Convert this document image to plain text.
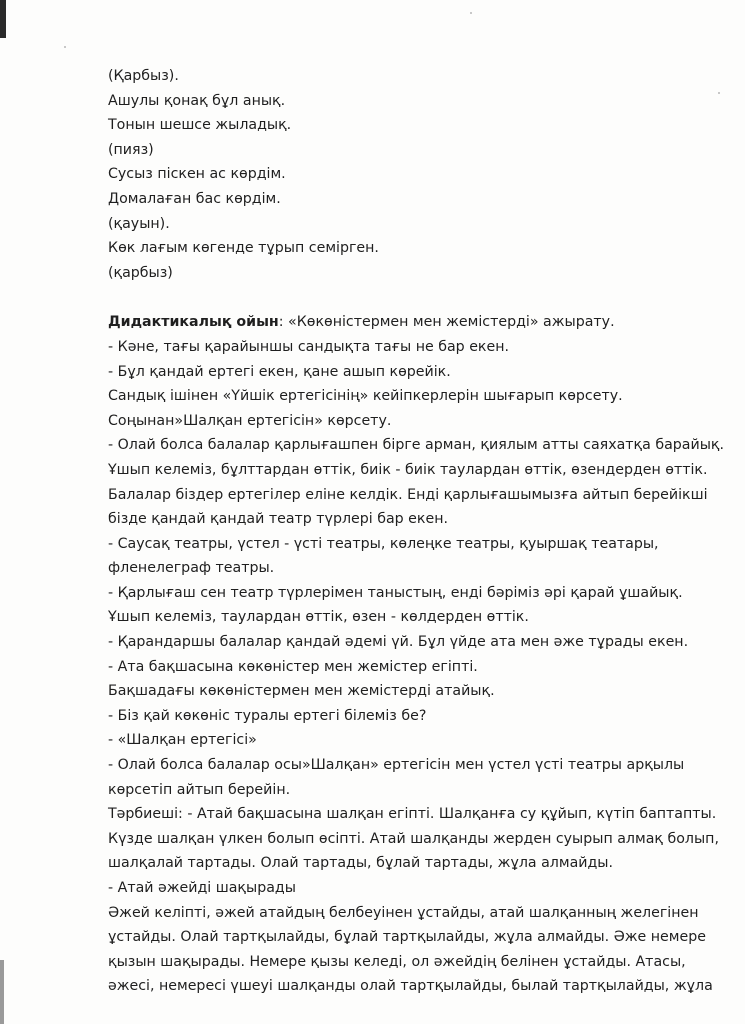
(Қарбыз).
Ашулы қонақ бұл анық.
Тонын шешсе жыладық.
(пияз)
Сусыз піскен ас көрдім.
Домалаған бас көрдім.
(қауын).
Көк лағым көгенде тұрып семірген.
(қарбыз)
Дидактикалық ойын: «Көкөністермен мен жемістерді» ажырату.
- Кәне, тағы қарайыншы сандықта тағы не бар екен.
- Бұл қандай ертегі екен, қане ашып көрейік.
Сандық ішінен «Үйшік ертегісінің» кейіпкерлерін шығарып көрсету.
Соңынан»Шалқан ертегісін» көрсету.
- Олай болса балалар қарлығашпен бірге арман, қиялым атты саяхатқа барайық.
Ұшып келеміз, бұлттардан өттік, биік - биік таулардан өттік, өзендерден өттік.
Балалар біздер ертегілер еліне келдік. Енді қарлығашымызға айтып берейікші
бізде қандай қандай театр түрлері бар екен.
- Саусақ театры, үстел - үсті театры, көлеңке театры, қуыршақ театары,
фленелеграф театры.
- Қарлығаш сен театр түрлерімен таныстың, енді бәріміз әрі қарай ұшайық.
Ұшып келеміз, таулардан өттік, өзен - көлдерден өттік.
- Қарандаршы балалар қандай әдемі үй. Бұл үйде ата мен әже тұрады екен.
- Ата бақшасына көкөністер мен жемістер егіпті.
Бақшадағы көкөністермен мен жемістерді атайық.
- Біз қай көкөніс туралы ертегі білеміз бе?
- «Шалқан ертегісі»
- Олай болса балалар осы»Шалқан» ертегісін мен үстел үсті театры арқылы
көрсетіп айтып берейін.
Тәрбиеші: - Атай бақшасына шалқан егіпті. Шалқанға су құйып, күтіп баптапты.
Күзде шалқан үлкен болып өсіпті. Атай шалқанды жерден суырып алмақ болып,
шалқалай тартады. Олай тартады, бұлай тартады, жұла алмайды.
- Атай әжейді шақырады
Әжей келіпті, әжей атайдың белбеуінен ұстайды, атай шалқанның желегінен
ұстайды. Олай тартқылайды, бұлай тартқылайды, жұла алмайды. Әже немере
қызын шақырады. Немере қызы келеді, ол әжейдің белінен ұстайды. Атасы,
әжесі, немересі үшеуі шалқанды олай тартқылайды, былай тартқылайды, жұла
